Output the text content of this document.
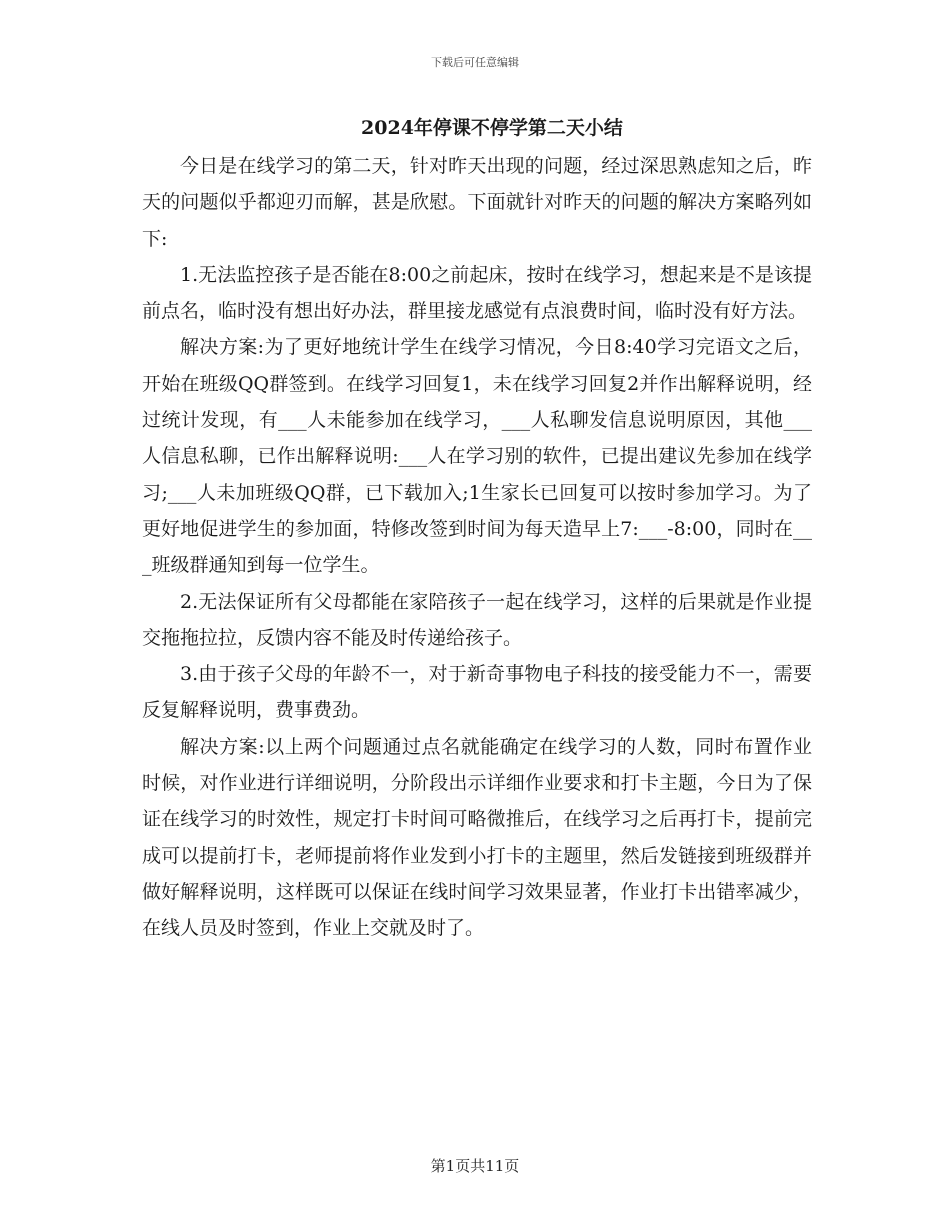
下载后可任意编辑
2024年停课不停学第二天小结

今日是在线学习的第二天，针对昨天出现的问题，经过深思熟虑知之后，昨天的问题似乎都迎刃而解，甚是欣慰。下面就针对昨天的问题的解决方案略列如下:

1.无法监控孩子是否能在8:00之前起床，按时在线学习，想起来是不是该提前点名，临时没有想出好办法，群里接龙感觉有点浪费时间，临时没有好方法。

解决方案:为了更好地统计学生在线学习情况，今日8:40学习完语文之后，开始在班级QQ群签到。在线学习回复1，未在线学习回复2并作出解释说明，经过统计发现，有___人未能参加在线学习，___人私聊发信息说明原因，其他___人信息私聊，已作出解释说明:___人在学习别的软件，已提出建议先参加在线学习;___人未加班级QQ群，已下载加入;1生家长已回复可以按时参加学习。为了更好地促进学生的参加面，特修改签到时间为每天造早上7:___-8:00，同时在___班级群通知到每一位学生。

2.无法保证所有父母都能在家陪孩子一起在线学习，这样的后果就是作业提交拖拖拉拉，反馈内容不能及时传递给孩子。

3.由于孩子父母的年龄不一，对于新奇事物电子科技的接受能力不一，需要反复解释说明，费事费劲。

解决方案:以上两个问题通过点名就能确定在线学习的人数，同时布置作业时候，对作业进行详细说明，分阶段出示详细作业要求和打卡主题，今日为了保证在线学习的时效性，规定打卡时间可略微推后，在线学习之后再打卡，提前完成可以提前打卡，老师提前将作业发到小打卡的主题里，然后发链接到班级群并做好解释说明，这样既可以保证在线时间学习效果显著，作业打卡出错率减少，在线人员及时签到，作业上交就及时了。

第1页共11页
